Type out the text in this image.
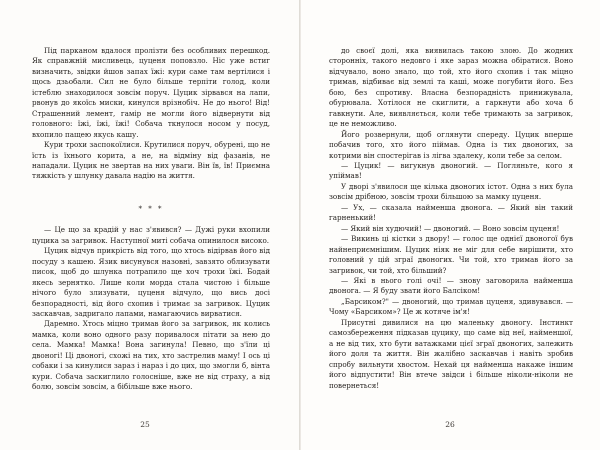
Під парканом вдалося пролізти без особливих перешкод. Як справжній мисливець, цуценя поповзло. Ніс уже встиг визначить, звідки йшов запах їжі: кури саме там вертілися і щось дзьобали. Сил не було більше терпіти голод, коли істеблю знаходилося зовсім поруч. Цуцик зірвався на лапи, рвонув до якоїсь миски, кинулся врізнобіч. Не до нього! Від! Страшенний лемент, гамір не могли його відвернути від головного: їжі, їжі, їжі! Собача ткнулося носом у посуд, вхопило пащею якусь кашу.

Кури трохи заспокоїлися. Крутилися поруч, обурені, що не їсть із їхнього корита, а не, на відміну від фазанів, не нападали. Цуцик не звертав на них уваги. Він їв, їв! Приємна тяжкість у шлунку давала надію на життя.

* * *

— Це що за крадій у нас з'явився? — Дужі руки вхопили цуцика за загривок. Наступної миті собача опинилося високо.

Цуцик відчув прикрість від того, що хтось відірвав його від посуду з кашею. Язик висунувся назовні, завзято облизувати писок, щоб до шлунка потрапило ще хоч трохи їжі. Бодай якесь зернятко. Лише коли морда стала чистою і більше нічого було злизувати, цуценя відчуло, що вись досі безпорадності, від його схопив і тримає за загривок. Цуцик заскавчав, задригало лапами, намагаючись вирватися.

Даремно. Хтось міцно тримав його за загривок, як колись мамка, коли воно одного разу поривалося пітати за нею до села. Мамка! Мамка! Вона загинула! Певно, що з'їли ці двоногі! Ці двоногі, схожі на тих, хто застрелив маму! І ось ці собаки і за кинулися зараз і нараз і до цих, що змогли б, вінта кури. Собача заскиглило голосніше, вже не від страху, а від болю, зовсім зовсім, а бібільше вже нього.

25

до своєї долі, яка виявилась такою злою. До жодних сторонніх, такого недовго і яке зараз можна обіратися. Воно відчувало, воно знало, що той, хто його схопив і так міцно тримав, відбиває від землі та каші, може погубити його. Без бою, без спротиву. Власна безпорадність принижувала, обурювала. Хотілося не скиглити, а гаркнути або хоча б гавкнути. Але, виявляється, коли тебе тримають за загривок, це не неможливо.

Його розвернули, щоб оглянути спереду. Цуцик вперше побачив того, хто його піймав. Одна із тих двоногих, за котрими він спостерігав із лігва здалеку, коли тебе за селом.

— Цуцик! — вигукнув двоногий. — Погляньте, кого я упіймав!

У дворі з'явилося ще кілька двоногих істот. Одна з них була зовсім дрібною, зовсім трохи більшою за мамку цуценя.

— Ух, — сказала найменша двонога. — Який він такий гарненький!

— Який він худючий! — двоногий. — Воно зовсім цуценя!

— Викинь ці кістки з двору! — голос ще однієї двоногої був найнеприємнішим. Цуцик ніяк не міг для себе вирішити, хто головний у цій зграї двоногих. Чи той, хто тримав його за загривок, чи той, хто більший?

— Які в нього голі очі! — знову заговорила найменша двонога. — Я буду звати його Балсіком!

„Барсиком?" — двоногий, що тримав цуценя, здивувався. — Чому «Барсиком»? Це ж котяче ім'я!

Присутні дивилися на цю маленьку двоногу. Інстинкт самозбереження підказав цуцику, що саме від неї, найменшої, а не від тих, хто бути ватажками цієї зграї двоногих, залежить його доля та життя. Він жалібно заскавчав і навіть зробив спробу вильнути хвостом. Нехай ця найменша накаже іншим його відпустити! Він втече звідси і більше ніколи-ніколи не повернеться!

26
